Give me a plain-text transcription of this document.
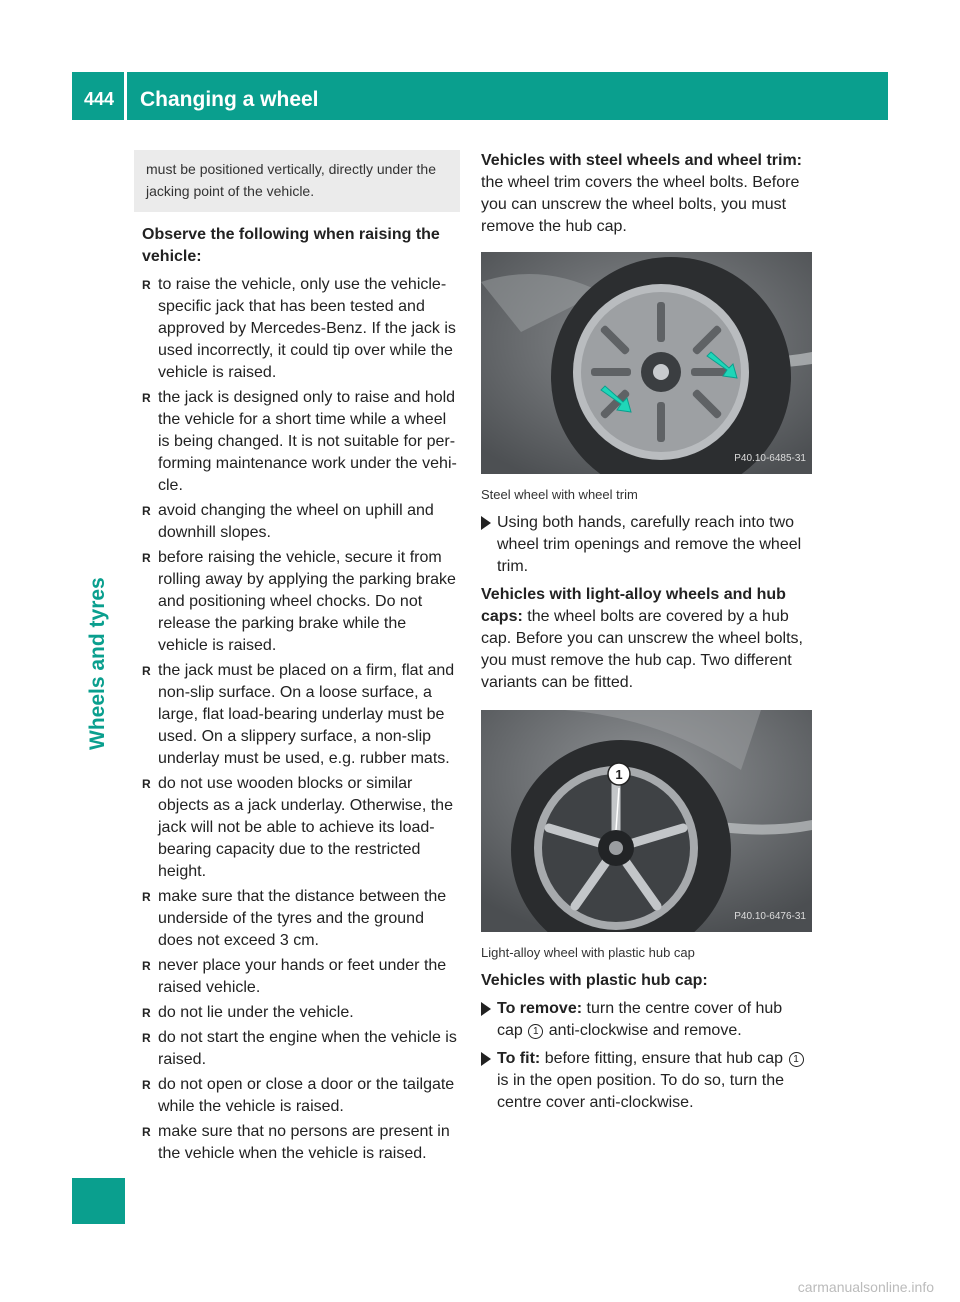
444 Changing a wheel
Wheels and tyres
must be positioned vertically, directly under the jacking point of the vehicle.
Observe the following when raising the vehicle:
R to raise the vehicle, only use the vehicle-specific jack that has been tested and approved by Mercedes-Benz. If the jack is used incorrectly, it could tip over while the vehicle is raised.
R the jack is designed only to raise and hold the vehicle for a short time while a wheel is being changed. It is not suitable for per-forming maintenance work under the vehi-cle.
R avoid changing the wheel on uphill and downhill slopes.
R before raising the vehicle, secure it from rolling away by applying the parking brake and positioning wheel chocks. Do not release the parking brake while the vehicle is raised.
R the jack must be placed on a firm, flat and non-slip surface. On a loose surface, a large, flat load-bearing underlay must be used. On a slippery surface, a non-slip underlay must be used, e.g. rubber mats.
R do not use wooden blocks or similar objects as a jack underlay. Otherwise, the jack will not be able to achieve its load-bearing capacity due to the restricted height.
R make sure that the distance between the underside of the tyres and the ground does not exceed 3 cm.
R never place your hands or feet under the raised vehicle.
R do not lie under the vehicle.
R do not start the engine when the vehicle is raised.
R do not open or close a door or the tailgate while the vehicle is raised.
R make sure that no persons are present in the vehicle when the vehicle is raised.

Vehicles with steel wheels and wheel trim: the wheel trim covers the wheel bolts. Before you can unscrew the wheel bolts, you must remove the hub cap.

P40.10-6485-31
Steel wheel with wheel trim
Using both hands, carefully reach into two wheel trim openings and remove the wheel trim.

Vehicles with light-alloy wheels and hub caps: the wheel bolts are covered by a hub cap. Before you can unscrew the wheel bolts, you must remove the hub cap. Two different variants can be fitted.

1
P40.10-6476-31
Light-alloy wheel with plastic hub cap
Vehicles with plastic hub cap:
To remove: turn the centre cover of hub cap 1 anti-clockwise and remove.
To fit: before fitting, ensure that hub cap 1 is in the open position. To do so, turn the centre cover anti-clockwise.
carmanualsonline.info
